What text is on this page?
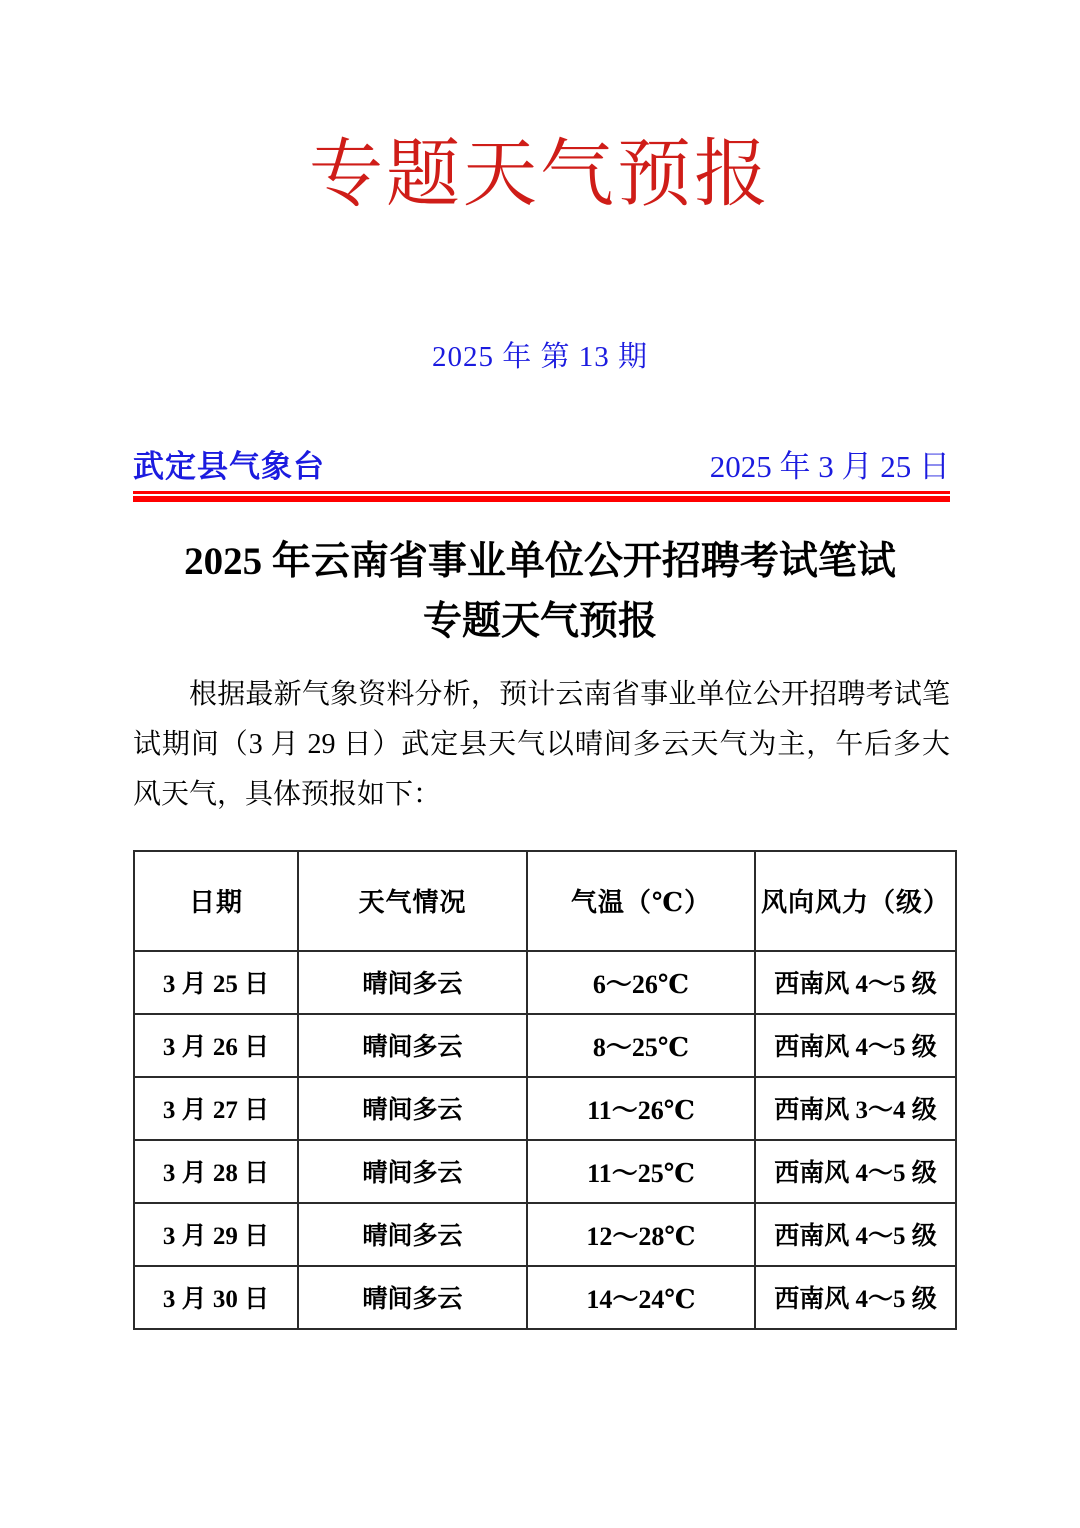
专题天气预报
2025 年 第 13 期
武定县气象台	2025 年 3 月 25 日
2025 年云南省事业单位公开招聘考试笔试
专题天气预报
根据最新气象资料分析，预计云南省事业单位公开招聘考试笔试期间（3 月 29 日）武定县天气以晴间多云天气为主，午后多大风天气，具体预报如下：
日期	天气情况	气温（℃）	风向风力（级）
3 月 25 日	晴间多云	6～26℃	西南风 4～5 级
3 月 26 日	晴间多云	8～25℃	西南风 4～5 级
3 月 27 日	晴间多云	11～26℃	西南风 3～4 级
3 月 28 日	晴间多云	11～25℃	西南风 4～5 级
3 月 29 日	晴间多云	12～28℃	西南风 4～5 级
3 月 30 日	晴间多云	14～24℃	西南风 4～5 级
